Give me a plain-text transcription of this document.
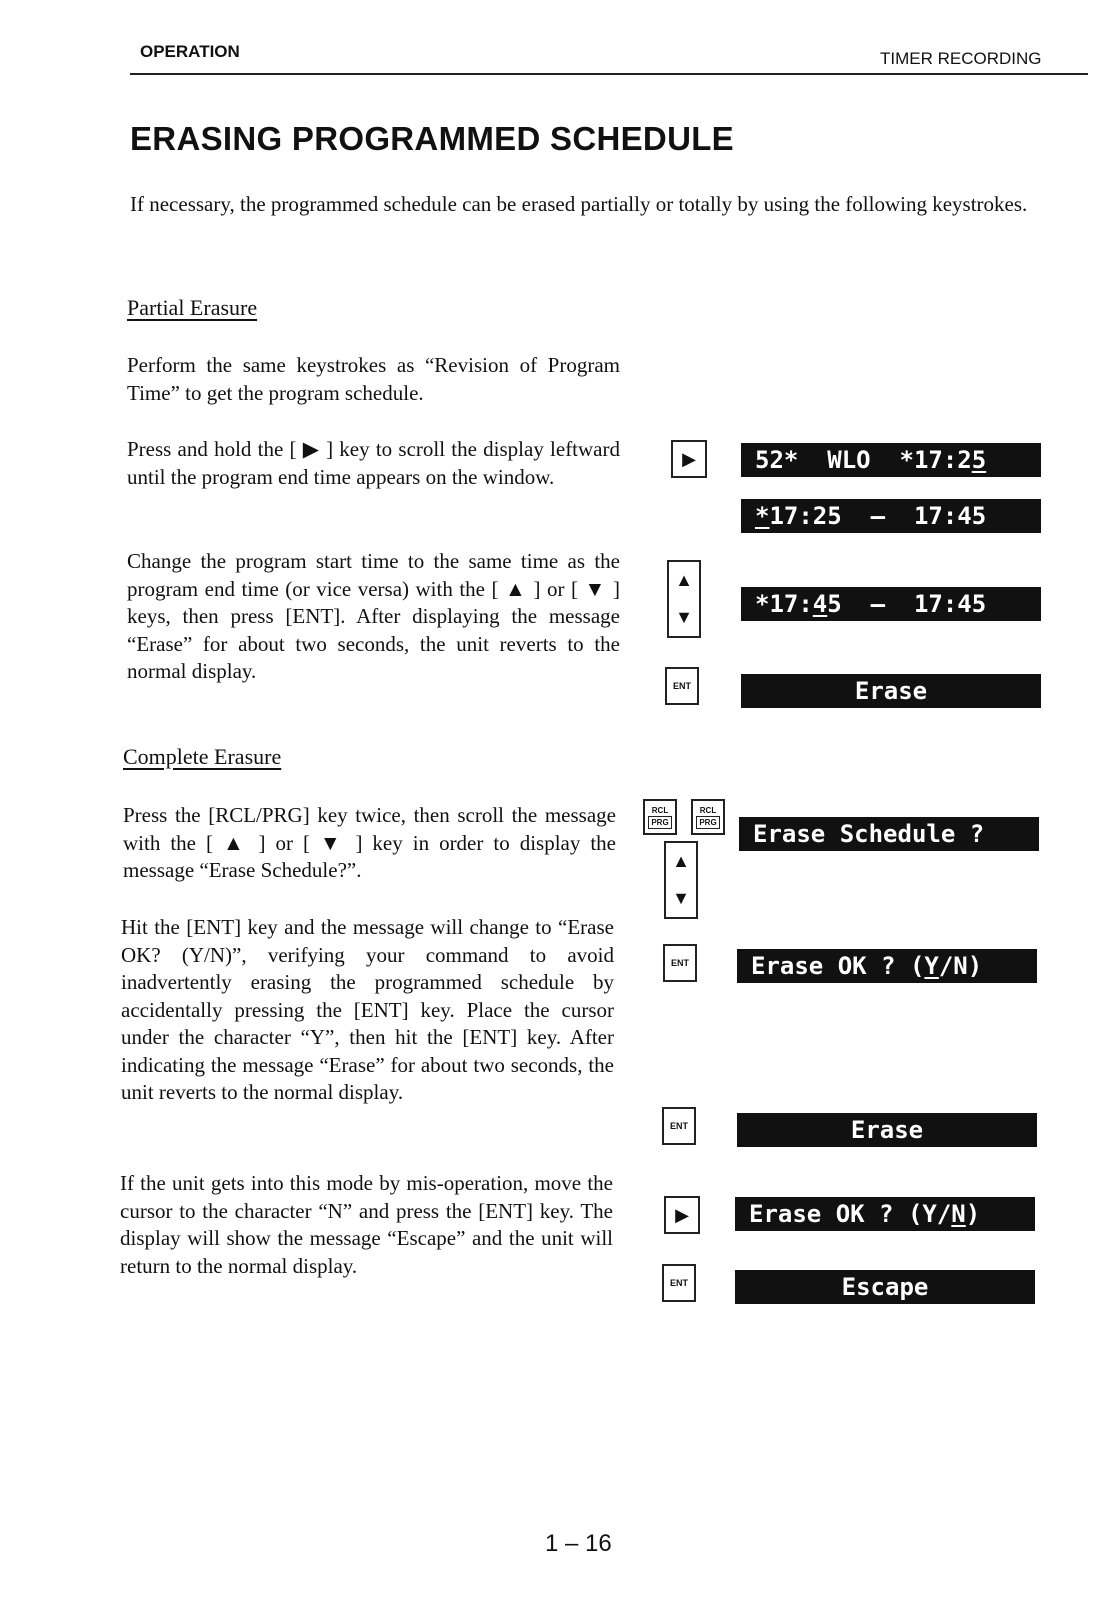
OPERATION	TIMER RECORDING
ERASING PROGRAMMED SCHEDULE
If necessary, the programmed schedule can be erased partially or totally by using the following keystrokes.
Partial Erasure
Perform the same keystrokes as “Revision of Program Time” to get the program schedule.
Press and hold the [ ▶ ] key to scroll the display leftward until the program end time appears on the window.
Change the program start time to the same time as the program end time (or vice versa) with the [ ▲ ] or [ ▼ ] keys, then press [ENT]. After displaying the message “Erase” for about two seconds, the unit reverts to the normal display.
▶
▲
▼
ENT
52*  WLO  *17:25
*17:25  —  17:45
*17:45  —  17:45
Erase
Complete Erasure
Press the [RCL/PRG] key twice, then scroll the message with the [ ▲ ] or [ ▼ ] key in order to display the message “Erase Schedule?”.
Hit the [ENT] key and the message will change to “Erase OK? (Y/N)”, verifying your command to avoid inadvertently erasing the programmed schedule by accidentally pressing the [ENT] key. Place the cursor under the character “Y”, then hit the [ENT] key. After indicating the message “Erase” for about two seconds, the unit reverts to the normal display.
If the unit gets into this mode by mis-operation, move the cursor to the character “N” and press the [ENT] key. The display will show the message “Escape” and the unit will return to the normal display.
RCL
PRG
RCL
PRG
▲
▼
ENT
ENT
▶
ENT
Erase Schedule ?
Erase OK ? (Y/N)
Erase
Erase OK ? (Y/N)
Escape
1 – 16
